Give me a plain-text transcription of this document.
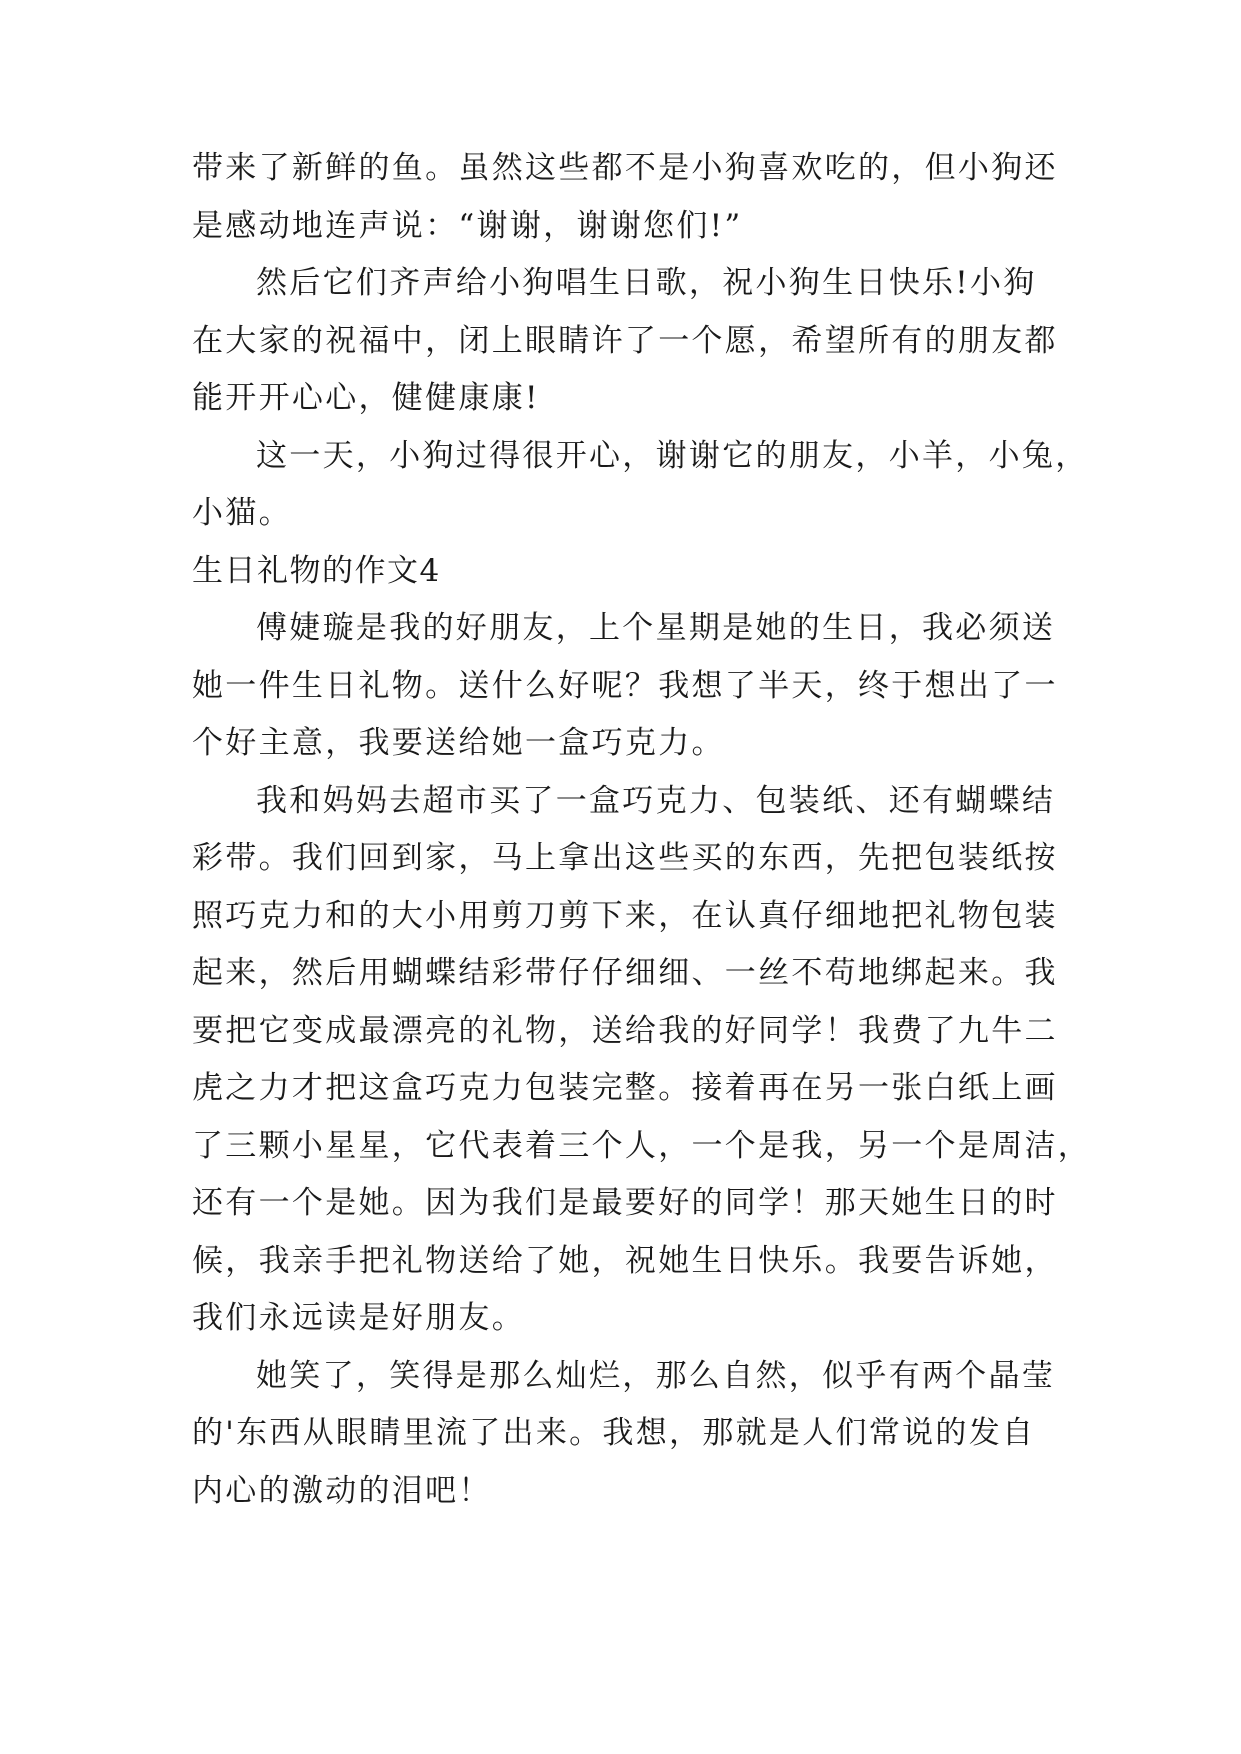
带来了新鲜的鱼。虽然这些都不是小狗喜欢吃的，但小狗还
是感动地连声说：“谢谢，谢谢您们!”
然后它们齐声给小狗唱生日歌，祝小狗生日快乐!小狗
在大家的祝福中，闭上眼睛许了一个愿，希望所有的朋友都
能开开心心，健健康康!
这一天，小狗过得很开心，谢谢它的朋友，小羊，小兔，
小猫。
生日礼物的作文4
傅婕璇是我的好朋友，上个星期是她的生日，我必须送
她一件生日礼物。送什么好呢？我想了半天，终于想出了一
个好主意，我要送给她一盒巧克力。
我和妈妈去超市买了一盒巧克力、包装纸、还有蝴蝶结
彩带。我们回到家，马上拿出这些买的东西，先把包装纸按
照巧克力和的大小用剪刀剪下来，在认真仔细地把礼物包装
起来，然后用蝴蝶结彩带仔仔细细、一丝不苟地绑起来。我
要把它变成最漂亮的礼物，送给我的好同学！我费了九牛二
虎之力才把这盒巧克力包装完整。接着再在另一张白纸上画
了三颗小星星，它代表着三个人，一个是我，另一个是周洁，
还有一个是她。因为我们是最要好的同学！那天她生日的时
候，我亲手把礼物送给了她，祝她生日快乐。我要告诉她，
我们永远读是好朋友。
她笑了，笑得是那么灿烂，那么自然，似乎有两个晶莹
的'东西从眼睛里流了出来。我想，那就是人们常说的发自
内心的激动的泪吧！
